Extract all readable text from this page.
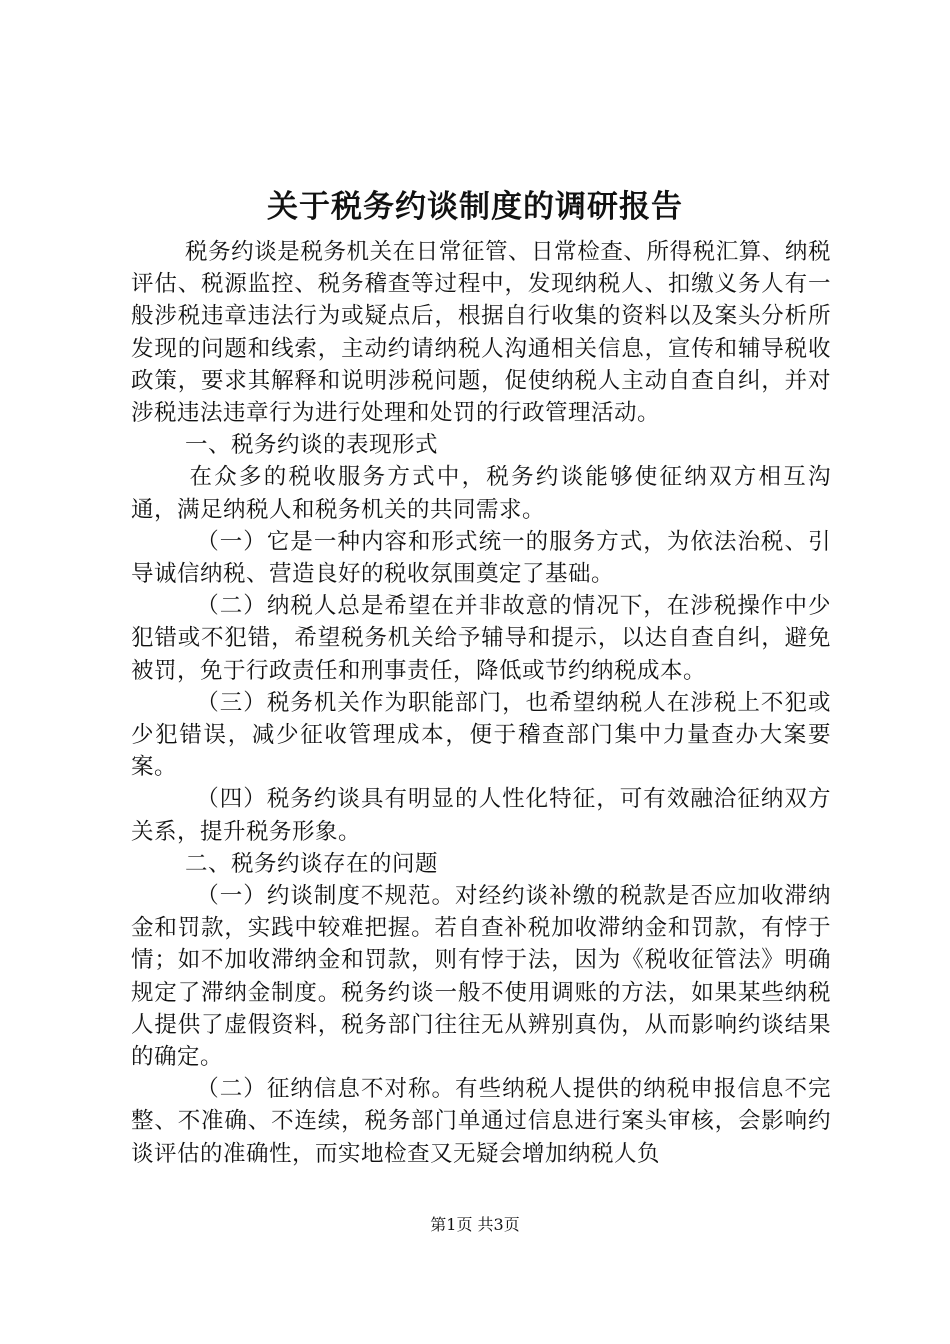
关于税务约谈制度的调研报告

税务约谈是税务机关在日常征管、日常检查、所得税汇算、纳税评估、税源监控、税务稽查等过程中，发现纳税人、扣缴义务人有一般涉税违章违法行为或疑点后，根据自行收集的资料以及案头分析所发现的问题和线索，主动约请纳税人沟通相关信息，宣传和辅导税收政策，要求其解释和说明涉税问题，促使纳税人主动自查自纠，并对涉税违法违章行为进行处理和处罚的行政管理活动。

一、税务约谈的表现形式

在众多的税收服务方式中，税务约谈能够使征纳双方相互沟通，满足纳税人和税务机关的共同需求。

（一）它是一种内容和形式统一的服务方式，为依法治税、引导诚信纳税、营造良好的税收氛围奠定了基础。

（二）纳税人总是希望在并非故意的情况下，在涉税操作中少犯错或不犯错，希望税务机关给予辅导和提示，以达自查自纠，避免被罚，免于行政责任和刑事责任，降低或节约纳税成本。

（三）税务机关作为职能部门，也希望纳税人在涉税上不犯或少犯错误，减少征收管理成本，便于稽查部门集中力量查办大案要案。

（四）税务约谈具有明显的人性化特征，可有效融洽征纳双方关系，提升税务形象。

二、税务约谈存在的问题

（一）约谈制度不规范。对经约谈补缴的税款是否应加收滞纳金和罚款，实践中较难把握。若自查补税加收滞纳金和罚款，有悖于情；如不加收滞纳金和罚款，则有悖于法，因为《税收征管法》明确规定了滞纳金制度。税务约谈一般不使用调账的方法，如果某些纳税人提供了虚假资料，税务部门往往无从辨别真伪，从而影响约谈结果的确定。

（二）征纳信息不对称。有些纳税人提供的纳税申报信息不完整、不准确、不连续，税务部门单通过信息进行案头审核，会影响约谈评估的准确性，而实地检查又无疑会增加纳税人负

第1页 共3页
